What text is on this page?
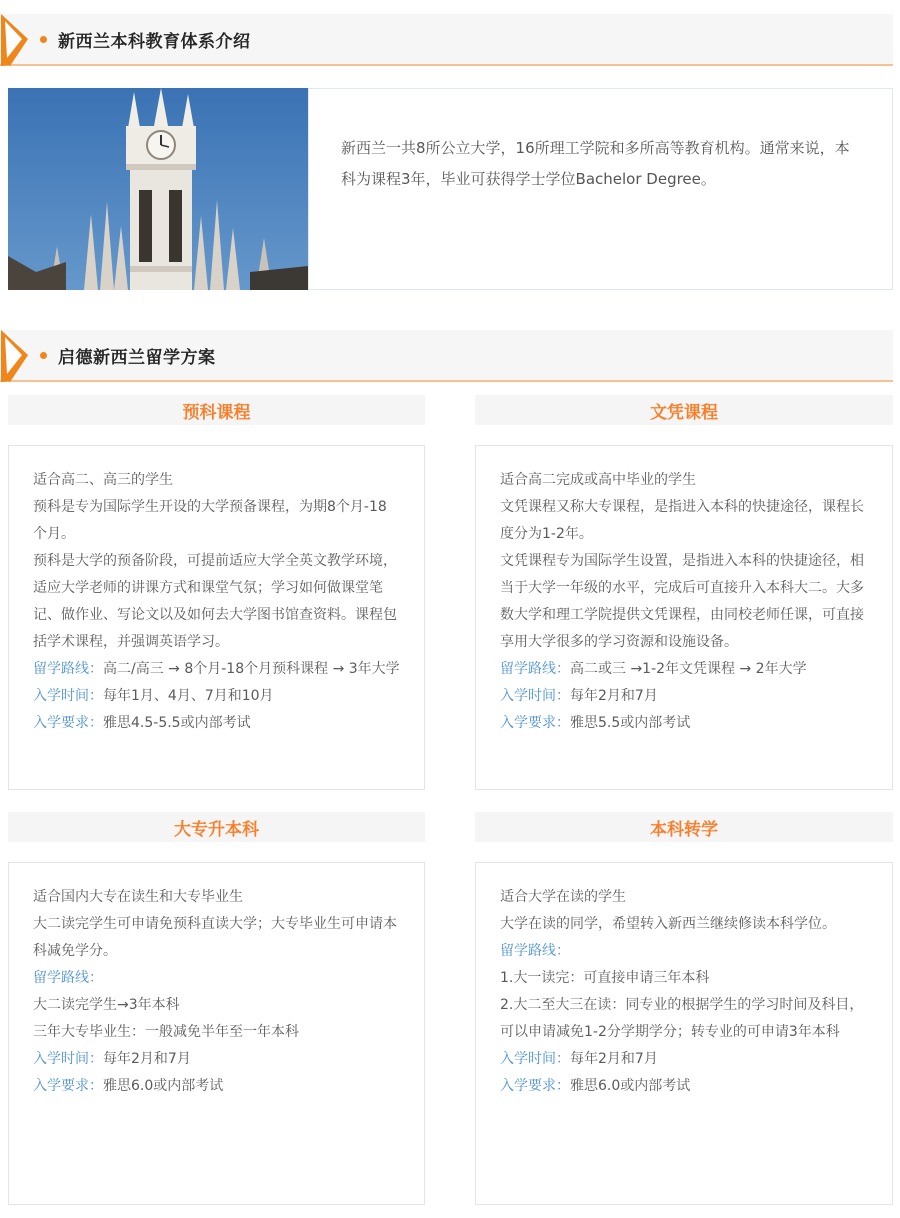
新西兰本科教育体系介绍

新西兰一共8所公立大学，16所理工学院和多所高等教育机构。通常来说，本科为课程3年，毕业可获得学士学位Bachelor Degree。

启德新西兰留学方案
预科课程

适合高二、高三的学生

预科是专为国际学生开设的大学预备课程，为期8个月-18个月。

预科是大学的预备阶段，可提前适应大学全英文教学环境，适应大学老师的讲课方式和课堂气氛；学习如何做课堂笔记、做作业、写论文以及如何去大学图书馆查资料。课程包括学术课程，并强调英语学习。

留学路线：高二/高三 → 8个月-18个月预科课程 → 3年大学

入学时间：每年1月、4月、7月和10月

入学要求：雅思4.5-5.5或内部考试

文凭课程

适合高二完成或高中毕业的学生

文凭课程又称大专课程，是指进入本科的快捷途径，课程长度分为1-2年。

文凭课程专为国际学生设置，是指进入本科的快捷途径，相当于大学一年级的水平，完成后可直接升入本科大二。大多数大学和理工学院提供文凭课程，由同校老师任课，可直接享用大学很多的学习资源和设施设备。

留学路线：高二或三 →1-2年文凭课程 → 2年大学

入学时间：每年2月和7月

入学要求：雅思5.5或内部考试

大专升本科

适合国内大专在读生和大专毕业生

大二读完学生可申请免预科直读大学；大专毕业生可申请本科减免学分。

留学路线：

大二读完学生→3年本科

三年大专毕业生：一般减免半年至一年本科

入学时间：每年2月和7月

入学要求：雅思6.0或内部考试

本科转学

适合大学在读的学生

大学在读的同学，希望转入新西兰继续修读本科学位。

留学路线：

1.大一读完：可直接申请三年本科

2.大二至大三在读：同专业的根据学生的学习时间及科目，可以申请减免1-2分学期学分；转专业的可申请3年本科

入学时间：每年2月和7月

入学要求：雅思6.0或内部考试
